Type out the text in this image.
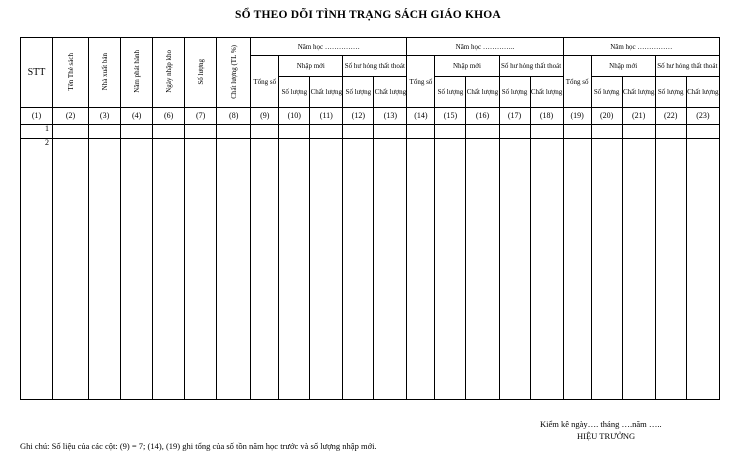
SỔ THEO DÕI TÌNH TRẠNG SÁCH GIÁO KHOA
STT	Tên Thẻ sách	Nhà xuất bản	Năm phát hành	Ngày nhập kho	Số lượng	Chất lượng (TL %)	Năm học ……………					Năm học …………..					Năm học ……………				
							Tổng số	Nhập mới		Số hư hỏng thất thoát		Tổng số	Nhập mới		Số hư hỏng thất thoát		Tổng số	Nhập mới		Số hư hỏng thất thoát	
								Số lượng	Chất lượng	Số lượng	Chất lượng		Số lượng	Chất lượng	Số lượng	Chất lượng		Số lượng	Chất lượng	Số lượng	Chất lượng
(1)	(2)	(3)	(4)	(6)	(7)	(8)	(9)	(10)	(11)	(12)	(13)	(14)	(15)	(16)	(17)	(18)	(19)	(20)	(21)	(22)	(23)
1																					
2																					
Kiểm kê ngày…. tháng ….năm …..
HIỆU TRƯỞNG
Ghi chú: Số liệu của các cột: (9) = 7; (14), (19) ghi tổng của số tồn năm học trước và số lượng nhập mới.
